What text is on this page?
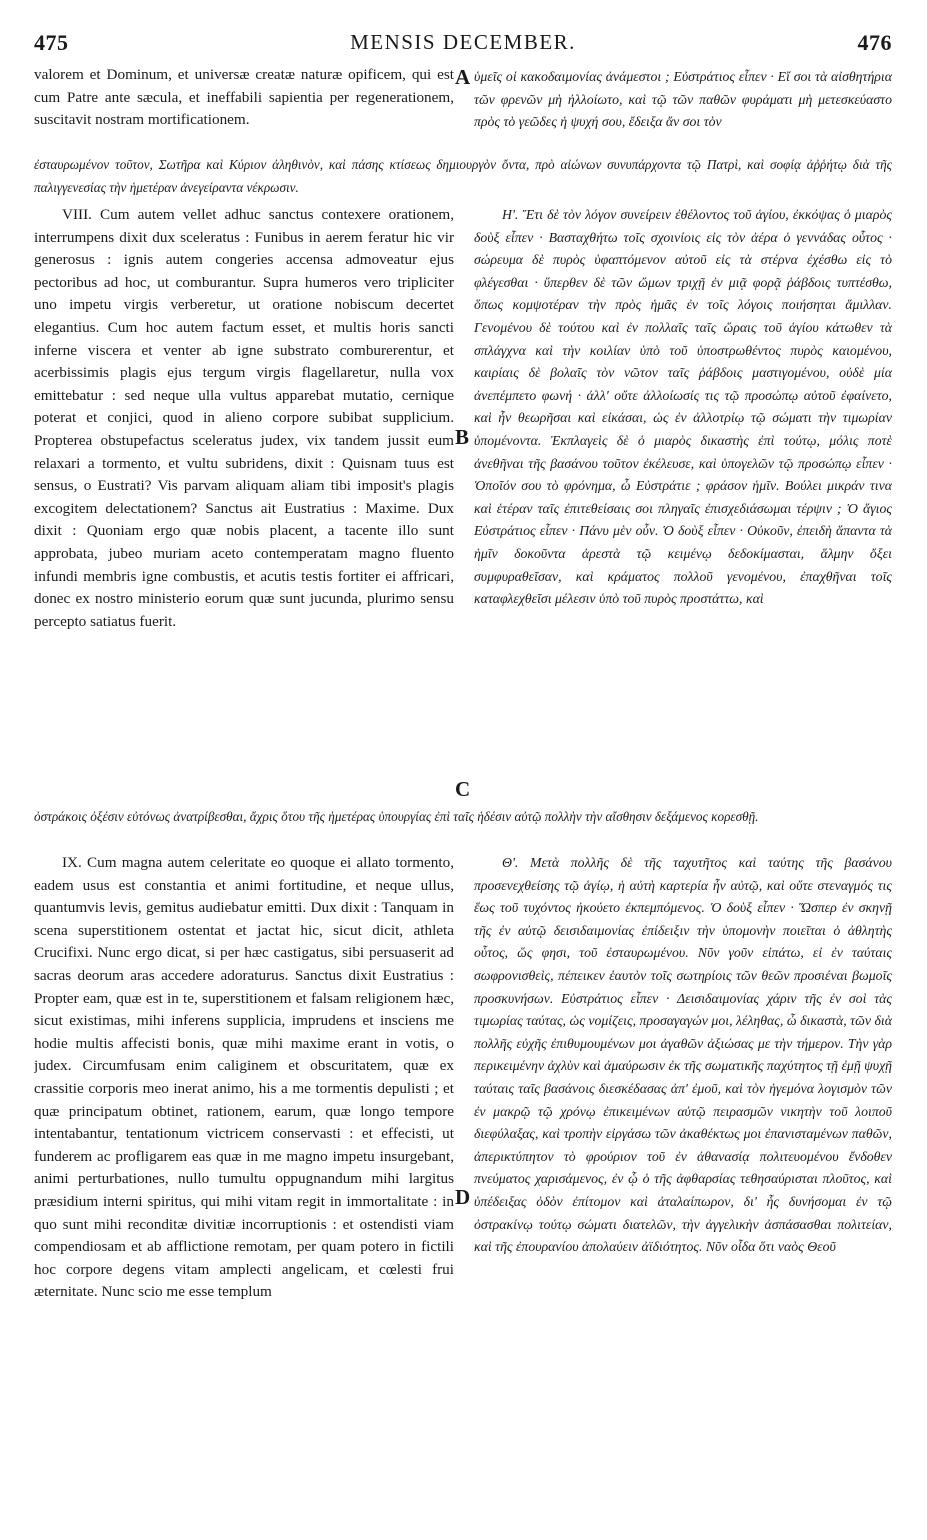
475	MENSIS DECEMBER.	476

valorem et Dominum, et universæ creatæ naturæ opificem, qui est cum Patre ante sæcula, et ineffabili sapientia per regenerationem, suscitavit nostram mortificationem.

ὑμεῖς οἱ κακοδαιμονίας ἀνάμεστοι ; Εὐστράτιος εἶπεν · Εἴ σοι τὰ αἰσθητήρια τῶν φρενῶν μὴ ἠλλοίωτο, καὶ τῷ τῶν παθῶν φυράματι μὴ μετεσκεύαστο πρὸς τὸ γεῶδες ἡ ψυχή σου, ἔδειξα ἄν σοι τὸν

ἐσταυρωμένον τοῦτον, Σωτῆρα καὶ Κύριον ἀληθινὸν, καὶ πάσης κτίσεως δημιουργὸν ὄντα, πρὸ αἰώνων συνυπάρχοντα τῷ Πατρὶ, καὶ σοφίᾳ ἀῤῥήτῳ διὰ τῆς παλιγγενεσίας τὴν ἡμετέραν ἀνεγείραντα νέκρωσιν.

VIII. Cum autem vellet adhuc sanctus contexere orationem, interrumpens dixit dux sceleratus : Funibus in aerem feratur hic vir generosus : ignis autem congeries accensa admoveatur ejus pectoribus ad hoc, ut comburantur. Supra humeros vero tripliciter uno impetu virgis verberetur, ut oratione nobiscum decertet elegantius. Cum hoc autem factum esset, et multis horis sancti inferne viscera et venter ab igne substrato comburerentur, et acerbissimis plagis ejus tergum virgis flagellaretur, nulla vox emittebatur : sed neque ulla vultus apparebat mutatio, cernique poterat et conjici, quod in alieno corpore subibat supplicium. Propterea obstupefactus sceleratus judex, vix tandem jussit eum relaxari a tormento, et vultu subridens, dixit : Quisnam tuus est sensus, o Eustrati? Vis parvam aliquam aliam tibi imposit's plagis excogitem delectationem? Sanctus ait Eustratius : Maxime. Dux dixit : Quoniam ergo quæ nobis placent, a tacente illo sunt approbata, jubeo muriam aceto contemperatam magno fluento infundi membris igne combustis, et acutis testis fortiter ei affricari, donec ex nostro ministerio eorum quæ sunt jucunda, plurimo sensu percepto satiatus fuerit.

Η'. Ἔτι δὲ τὸν λόγον συνείρειν ἐθέλοντος τοῦ ἁγίου, ἐκκόψας ὁ μιαρὸς δοὺξ εἶπεν · Βασταχθήτω τοῖς σχοινίοις εἰς τὸν ἀέρα ὁ γεννάδας οὗτος · σώρευμα δὲ πυρὸς ὑφαπτόμενον αὐτοῦ εἰς τὰ στέρνα ἐχέσθω εἰς τὸ φλέγεσθαι · ὕπερθεν δὲ τῶν ὤμων τριχῇ ἐν μιᾷ φορᾷ ῥάβδοις τυπτέσθω, ὅπως κομψοτέραν τὴν πρὸς ἡμᾶς ἐν τοῖς λόγοις ποιήσηται ἅμιλλαν. Γενομένου δὲ τούτου καὶ ἐν πολλαῖς ταῖς ὥραις τοῦ ἁγίου κάτωθεν τὰ σπλάγχνα καὶ τὴν κοιλίαν ὑπὸ τοῦ ὑποστρωθέντος πυρὸς καιομένου, καιρίαις δὲ βολαῖς τὸν νῶτον ταῖς ῥάβδοις μαστιγομένου, οὐδὲ μία ἀνεπέμπετο φωνή · ἀλλ' οὔτε ἀλλοίωσίς τις τῷ προσώπῳ αὐτοῦ ἐφαίνετο, καὶ ἦν θεωρῆσαι καὶ εἰκάσαι, ὡς ἐν ἀλλοτρίῳ τῷ σώματι τὴν τιμωρίαν ὑπομένοντα. Ἐκπλαγεὶς δὲ ὁ μιαρὸς δικαστὴς ἐπὶ τούτῳ, μόλις ποτὲ ἀνεθῆναι τῆς βασάνου τοῦτον ἐκέλευσε, καὶ ὑπογελῶν τῷ προσώπῳ εἶπεν · Ὁποῖόν σου τὸ φρόνημα, ὦ Εὐστράτιε ; φράσον ἡμῖν. Βούλει μικράν τινα καὶ ἑτέραν ταῖς ἐπιτεθείσαις σοι πληγαῖς ἐπισχεδιάσωμαι τέρψιν ; Ὁ ἅγιος Εὐστράτιος εἶπεν · Πάνυ μὲν οὖν. Ὁ δοὺξ εἶπεν · Οὐκοῦν, ἐπειδὴ ἅπαντα τὰ ἡμῖν δοκοῦντα ἀρεστὰ τῷ κειμένῳ δεδοκίμασται, ἅλμην ὄξει συμφυραθεῖσαν, καὶ κράματος πολλοῦ γενομένου, ἐπαχθῆναι τοῖς καταφλεχθεῖσι μέλεσιν ὑπὸ τοῦ πυρὸς προστάττω, καὶ

ὀστράκοις ὀξέσιν εὐτόνως ἀνατρίβεσθαι, ἄχρις ὅτου τῆς ἡμετέρας ὑπουργίας ἐπὶ ταῖς ἡδέσιν αὐτῷ πολλὴν τὴν αἴσθησιν δεξάμενος κορεσθῇ.

IX. Cum magna autem celeritate eo quoque ei allato tormento, eadem usus est constantia et animi fortitudine, et neque ullus, quantumvis levis, gemitus audiebatur emitti. Dux dixit : Tanquam in scena superstitionem ostentat et jactat hic, sicut dicit, athleta Crucifixi. Nunc ergo dicat, si per hæc castigatus, sibi persuaserit ad sacras deorum aras accedere adoraturus. Sanctus dixit Eustratius : Propter eam, quæ est in te, superstitionem et falsam religionem hæc, sicut existimas, mihi inferens supplicia, imprudens et insciens me hodie multis affecisti bonis, quæ mihi maxime erant in votis, o judex. Circumfusam enim caliginem et obscuritatem, quæ ex crassitie corporis meo inerat animo, his a me tormentis depulisti ; et quæ principatum obtinet, rationem, earum, quæ longo tempore intentabantur, tentationum victricem conservasti : et effecisti, ut funderem ac profligarem eas quæ in me magno impetu insurgebant, animi perturbationes, nullo tumultu oppugnandum mihi largitus præsidium interni spiritus, qui mihi vitam regit in immortalitate : in quo sunt mihi reconditæ divitiæ incorruptionis : et ostendisti viam compendiosam et ab afflictione remotam, per quam potero in fictili hoc corpore degens vitam amplecti angelicam, et cœlesti frui æternitate. Nunc scio me esse templum

Θ'. Μετὰ πολλῆς δὲ τῆς ταχυτῆτος καὶ ταύτης τῆς βασάνου προσενεχθείσης τῷ ἁγίῳ, ἡ αὐτὴ καρτερία ἦν αὐτῷ, καὶ οὔτε στεναγμός τις ἕως τοῦ τυχόντος ἠκούετο ἐκπεμπόμενος. Ὁ δοὺξ εἶπεν · Ὥσπερ ἐν σκηνῇ τῆς ἐν αὐτῷ δεισιδαιμονίας ἐπίδειξιν τὴν ὑπομονὴν ποιεῖται ὁ ἀθλητὴς οὗτος, ὥς φησι, τοῦ ἐσταυρωμένου. Νῦν γοῦν εἰπάτω, εἰ ἐν ταύταις σωφρονισθεὶς, πέπεικεν ἑαυτὸν τοῖς σωτηρίοις τῶν θεῶν προσιέναι βωμοῖς προσκυνήσων. Εὐστράτιος εἶπεν · Δεισιδαιμονίας χάριν τῆς ἐν σοὶ τὰς τιμωρίας ταύτας, ὡς νομίζεις, προσαγαγών μοι, λέληθας, ὦ δικαστὰ, τῶν διὰ πολλῆς εὐχῆς ἐπιθυμουμένων μοι ἀγαθῶν ἀξιώσας με τὴν τήμερον. Τὴν γὰρ περικειμένην ἀχλὺν καὶ ἀμαύρωσιν ἐκ τῆς σωματικῆς παχύτητος τῇ ἐμῇ ψυχῇ ταύταις ταῖς βασάνοις διεσκέδασας ἀπ' ἐμοῦ, καὶ τὸν ἡγεμόνα λογισμὸν τῶν ἐν μακρῷ τῷ χρόνῳ ἐπικειμένων αὐτῷ πειρασμῶν νικητὴν τοῦ λοιποῦ διεφύλαξας, καὶ τροπὴν εἰργάσω τῶν ἀκαθέκτως μοι ἐπανισταμένων παθῶν, ἀπερικτύπητον τὸ φρούριον τοῦ ἐν ἀθανασίᾳ πολιτευομένου ἔνδοθεν πνεύματος χαρισάμενος, ἐν ᾧ ὁ τῆς ἀφθαρσίας τεθησαύρισται πλοῦτος, καὶ ὑπέδειξας ὁδὸν ἐπίτομον καὶ ἀταλαίπωρον, δι' ἧς δυνήσομαι ἐν τῷ ὀστρακίνῳ τούτῳ σώματι διατελῶν, τὴν ἀγγελικὴν ἀσπάσασθαι πολιτείαν, καὶ τῆς ἐπουρανίου ἀπολαύειν ἀϊδιότητος. Νῦν οἶδα ὅτι ναὸς Θεοῦ

A
B
C
D
